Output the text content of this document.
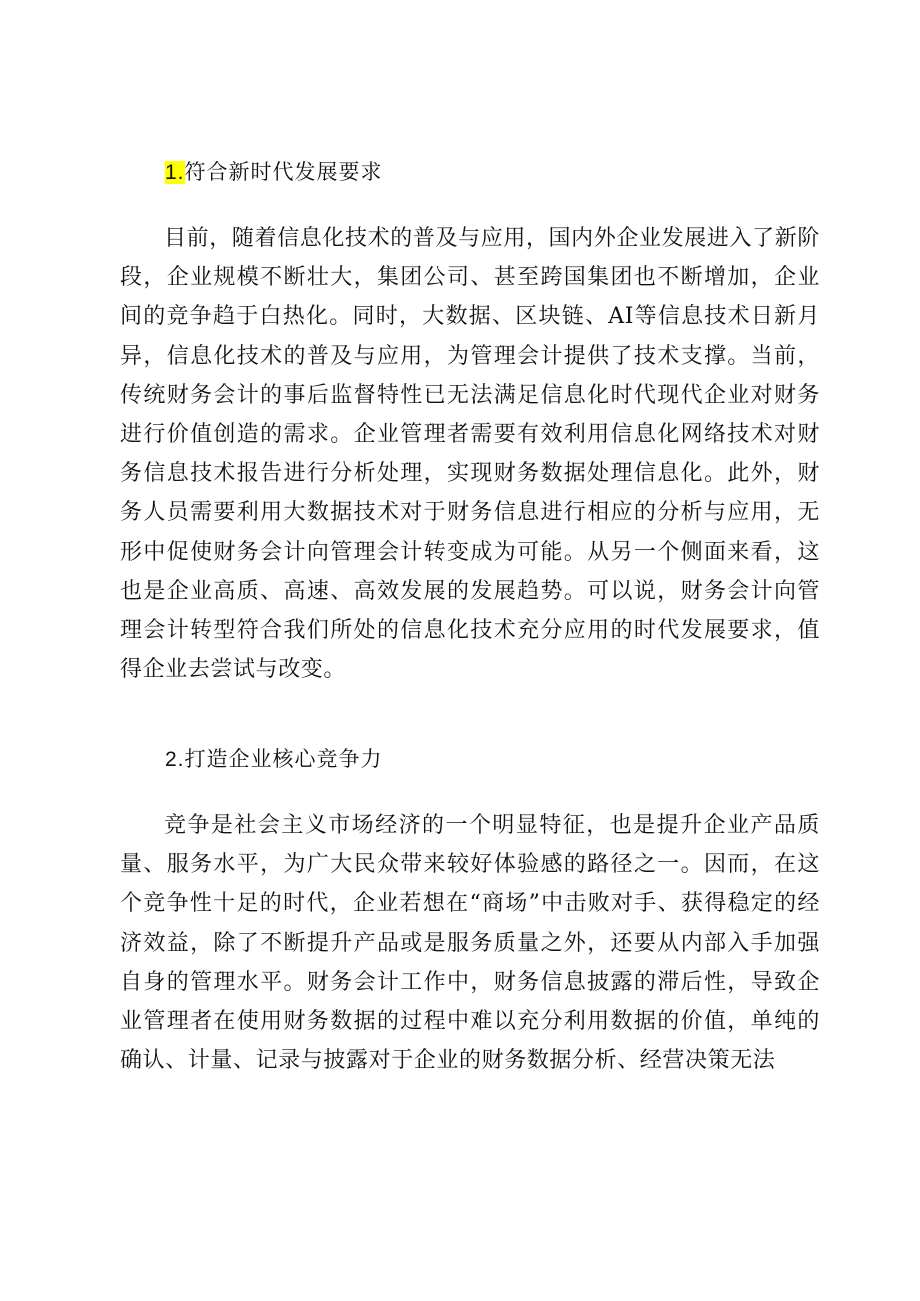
1.符合新时代发展要求

目前，随着信息化技术的普及与应用，国内外企业发展进入了新阶段，企业规模不断壮大，集团公司、甚至跨国集团也不断增加，企业间的竞争趋于白热化。同时，大数据、区块链、AI等信息技术日新月异，信息化技术的普及与应用，为管理会计提供了技术支撑。当前，传统财务会计的事后监督特性已无法满足信息化时代现代企业对财务进行价值创造的需求。企业管理者需要有效利用信息化网络技术对财务信息技术报告进行分析处理，实现财务数据处理信息化。此外，财务人员需要利用大数据技术对于财务信息进行相应的分析与应用，无形中促使财务会计向管理会计转变成为可能。从另一个侧面来看，这也是企业高质、高速、高效发展的发展趋势。可以说，财务会计向管理会计转型符合我们所处的信息化技术充分应用的时代发展要求，值得企业去尝试与改变。

2.打造企业核心竞争力

竞争是社会主义市场经济的一个明显特征，也是提升企业产品质量、服务水平，为广大民众带来较好体验感的路径之一。因而，在这个竞争性十足的时代，企业若想在“商场”中击败对手、获得稳定的经济效益，除了不断提升产品或是服务质量之外，还要从内部入手加强自身的管理水平。财务会计工作中，财务信息披露的滞后性，导致企业管理者在使用财务数据的过程中难以充分利用数据的价值，单纯的确认、计量、记录与披露对于企业的财务数据分析、经营决策无法
